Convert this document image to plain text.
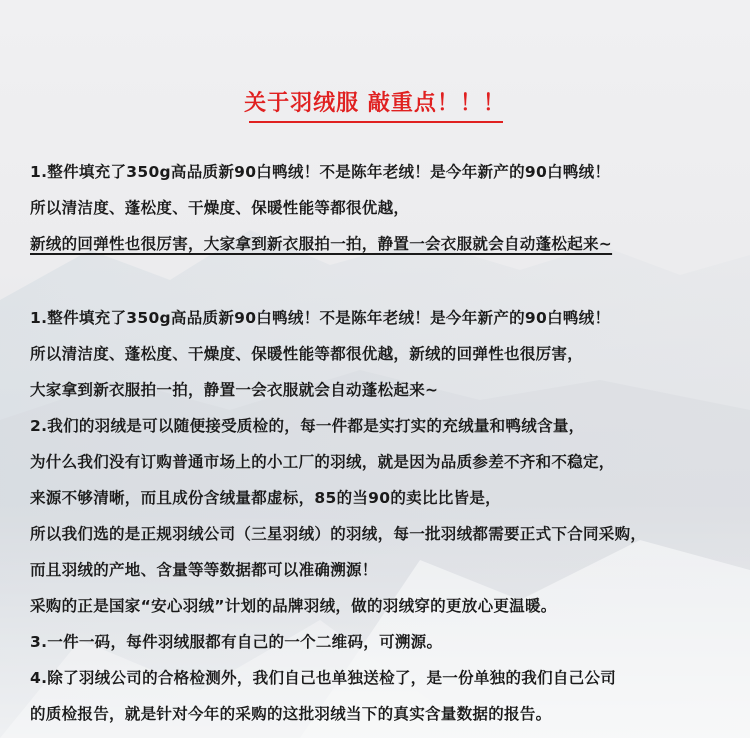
关于羽绒服 敲重点！！！
1.整件填充了350g高品质新90白鸭绒！不是陈年老绒！是今年新产的90白鸭绒！
所以清洁度、蓬松度、干燥度、保暖性能等都很优越，
新绒的回弹性也很厉害，大家拿到新衣服拍一拍，静置一会衣服就会自动蓬松起来~
1.整件填充了350g高品质新90白鸭绒！不是陈年老绒！是今年新产的90白鸭绒！
所以清洁度、蓬松度、干燥度、保暖性能等都很优越，新绒的回弹性也很厉害，
大家拿到新衣服拍一拍，静置一会衣服就会自动蓬松起来~
2.我们的羽绒是可以随便接受质检的，每一件都是实打实的充绒量和鸭绒含量，
为什么我们没有订购普通市场上的小工厂的羽绒，就是因为品质参差不齐和不稳定，
来源不够清晰，而且成份含绒量都虚标，85的当90的卖比比皆是，
所以我们选的是正规羽绒公司（三星羽绒）的羽绒，每一批羽绒都需要正式下合同采购，
而且羽绒的产地、含量等等数据都可以准确溯源！
采购的正是国家“安心羽绒”计划的品牌羽绒，做的羽绒穿的更放心更温暖。
3.一件一码，每件羽绒服都有自己的一个二维码，可溯源。
4.除了羽绒公司的合格检测外，我们自己也单独送检了，是一份单独的我们自己公司
的质检报告，就是针对今年的采购的这批羽绒当下的真实含量数据的报告。
